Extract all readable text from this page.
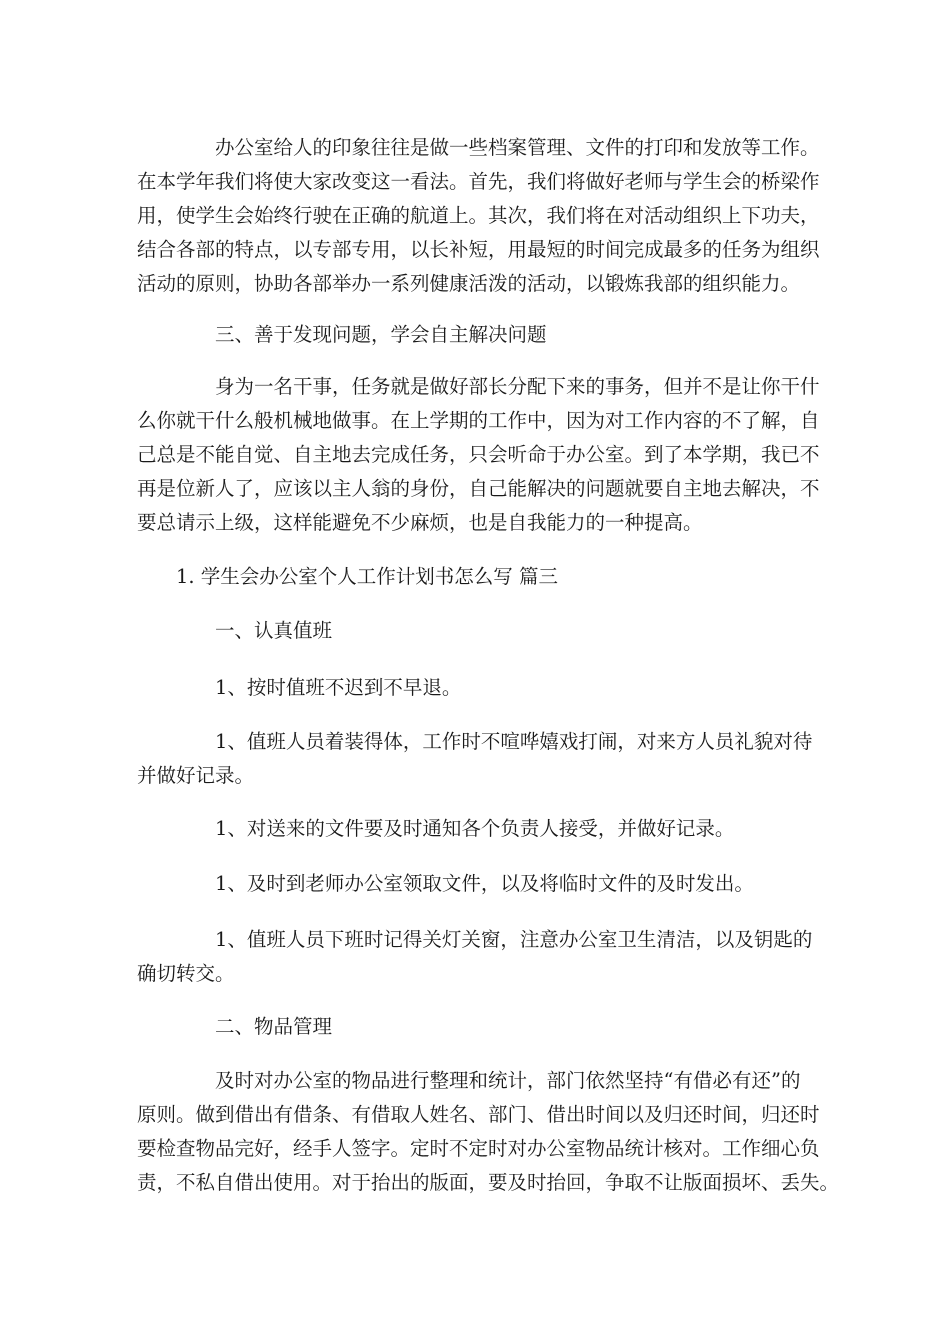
办公室给人的印象往往是做一些档案管理、文件的打印和发放等工作。
在本学年我们将使大家改变这一看法。首先，我们将做好老师与学生会的桥梁作
用，使学生会始终行驶在正确的航道上。其次，我们将在对活动组织上下功夫，
结合各部的特点，以专部专用，以长补短，用最短的时间完成最多的任务为组织
活动的原则，协助各部举办一系列健康活泼的活动，以锻炼我部的组织能力。
三、善于发现问题，学会自主解决问题
身为一名干事，任务就是做好部长分配下来的事务，但并不是让你干什
么你就干什么般机械地做事。在上学期的工作中，因为对工作内容的不了解，自
己总是不能自觉、自主地去完成任务，只会听命于办公室。到了本学期，我已不
再是位新人了，应该以主人翁的身份，自己能解决的问题就要自主地去解决，不
要总请示上级，这样能避免不少麻烦，也是自我能力的一种提高。
1. 学生会办公室个人工作计划书怎么写 篇三
一、认真值班
1、按时值班不迟到不早退。
1、值班人员着装得体，工作时不喧哗嬉戏打闹，对来方人员礼貌对待
并做好记录。
1、对送来的文件要及时通知各个负责人接受，并做好记录。
1、及时到老师办公室领取文件，以及将临时文件的及时发出。
1、值班人员下班时记得关灯关窗，注意办公室卫生清洁，以及钥匙的
确切转交。
二、物品管理
及时对办公室的物品进行整理和统计，部门依然坚持“有借必有还”的
原则。做到借出有借条、有借取人姓名、部门、借出时间以及归还时间，归还时
要检查物品完好，经手人签字。定时不定时对办公室物品统计核对。工作细心负
责，不私自借出使用。对于抬出的版面，要及时抬回，争取不让版面损坏、丢失。
